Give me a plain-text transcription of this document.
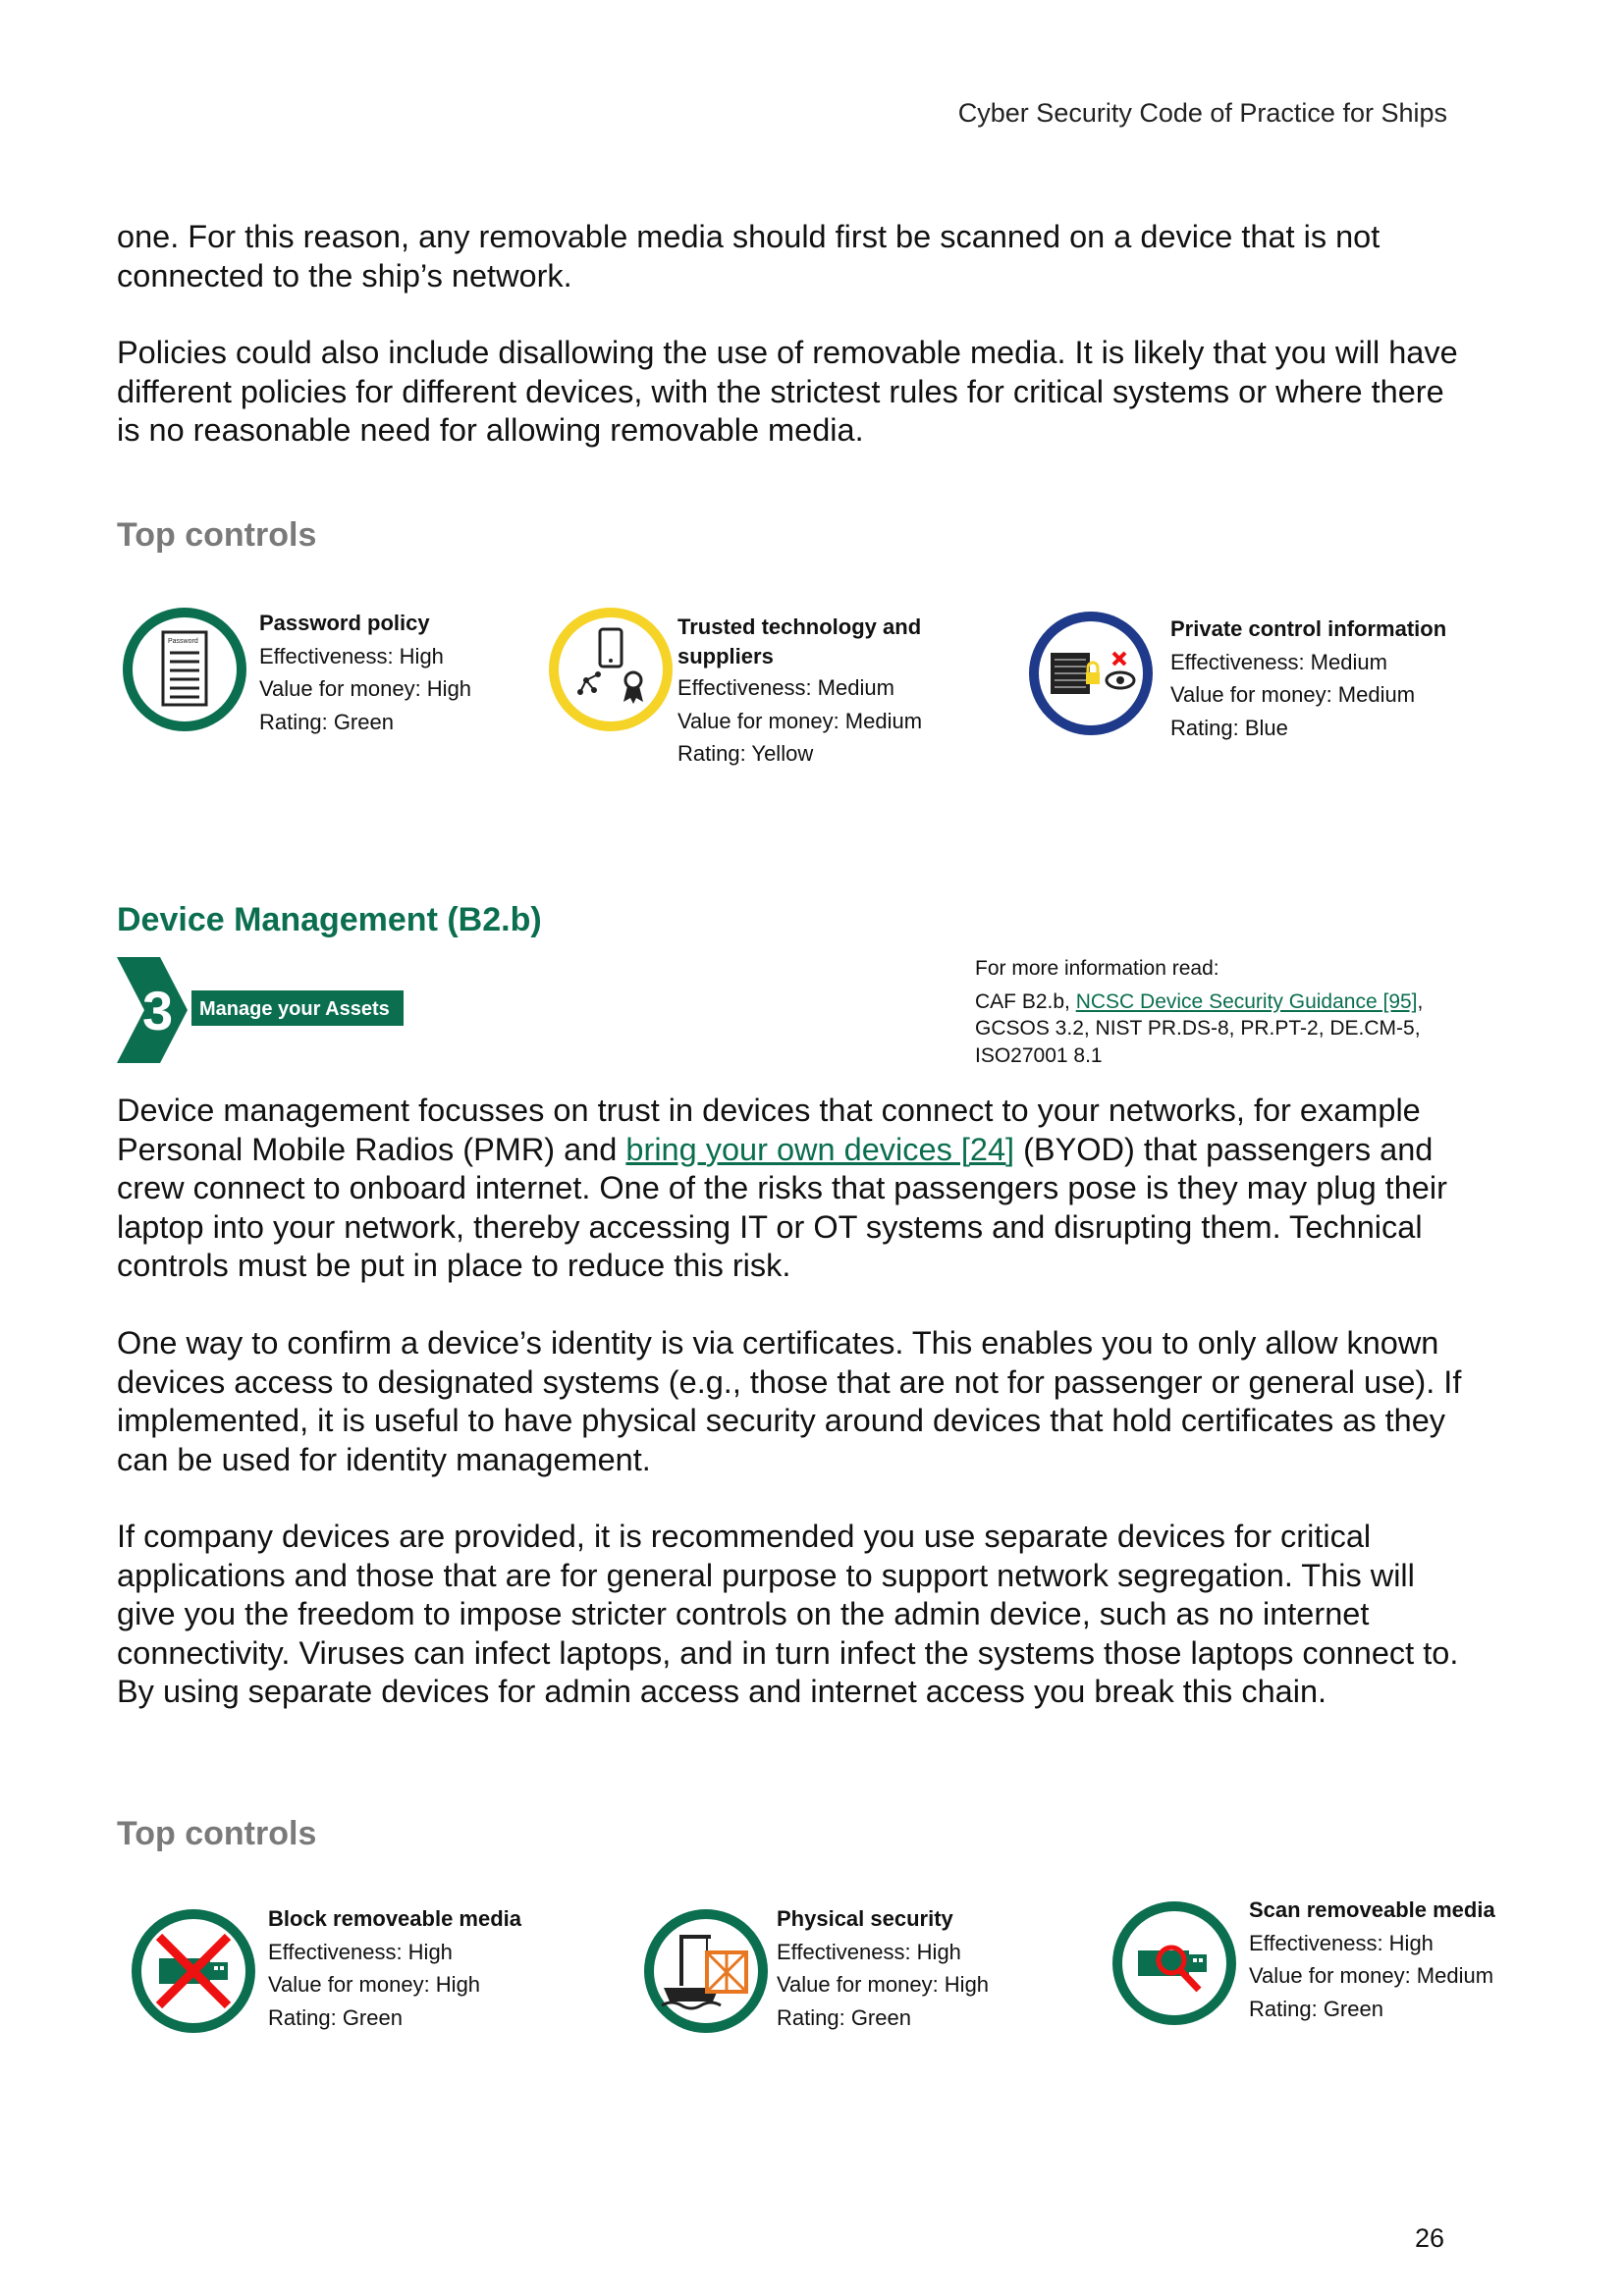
Cyber Security Code of Practice for Ships

one. For this reason, any removable media should first be scanned on a device that is not connected to the ship’s network.

Policies could also include disallowing the use of removable media. It is likely that you will have different policies for different devices, with the strictest rules for critical systems or where there is no reasonable need for allowing removable media.

Top controls
Password
Password policy
Effectiveness: High
Value for money: High
Rating: Green
Trusted technology and suppliers
Effectiveness: Medium
Value for money: Medium
Rating: Yellow
Private control information
Effectiveness: Medium
Value for money: Medium
Rating: Blue
Device Management (B2.b)
3 Manage your Assets
For more information read:
CAF B2.b, NCSC Device Security Guidance [95], GCSOS 3.2, NIST PR.DS-8, PR.PT-2, DE.CM-5, ISO27001 8.1

Device management focusses on trust in devices that connect to your networks, for example Personal Mobile Radios (PMR) and bring your own devices [24] (BYOD) that passengers and crew connect to onboard internet. One of the risks that passengers pose is they may plug their laptop into your network, thereby accessing IT or OT systems and disrupting them. Technical controls must be put in place to reduce this risk.

One way to confirm a device’s identity is via certificates. This enables you to only allow known devices access to designated systems (e.g., those that are not for passenger or general use). If implemented, it is useful to have physical security around devices that hold certificates as they can be used for identity management.

If company devices are provided, it is recommended you use separate devices for critical applications and those that are for general purpose to support network segregation. This will give you the freedom to impose stricter controls on the admin device, such as no internet connectivity. Viruses can infect laptops, and in turn infect the systems those laptops connect to. By using separate devices for admin access and internet access you break this chain.

Top controls
Block removeable media
Effectiveness: High
Value for money: High
Rating: Green
Physical security
Effectiveness: High
Value for money: High
Rating: Green
Scan removeable media
Effectiveness: High
Value for money: Medium
Rating: Green
26
